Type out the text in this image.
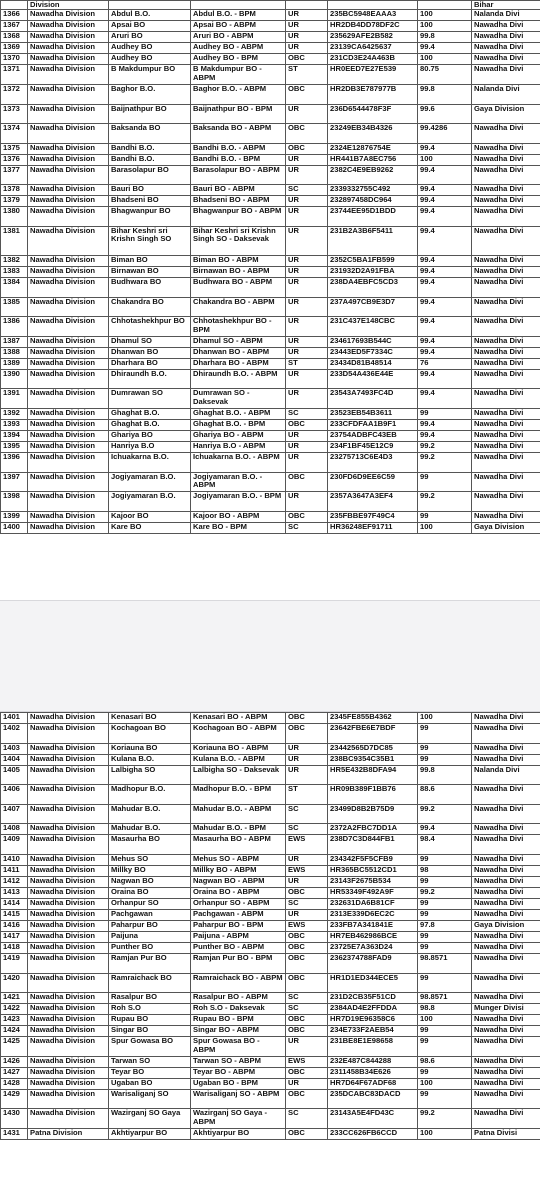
	Division						Bihar
1366	Nawadha Division	Abdul B.O.	Abdul B.O. - BPM	UR	235BC5948EAAA3	100	Nalanda Divi
1367	Nawadha Division	Apsai BO	Apsai BO - ABPM	UR	HR2DB4DD78DF2C	100	Nawadha Divi
1368	Nawadha Division	Aruri BO	Aruri BO - ABPM	UR	235629AFE2B582	99.8	Nawadha Divi
1369	Nawadha Division	Audhey BO	Audhey BO - ABPM	UR	23139CA6425637	99.4	Nawadha Divi
1370	Nawadha Division	Audhey BO	Audhey BO - BPM	OBC	231CD3E24A463B	100	Nawadha Divi
1371	Nawadha Division	B Makdumpur BO	B Makdumpur BO - ABPM	ST	HR0EED7E27E539	80.75	Nawadha Divi
1372	Nawadha Division	Baghor B.O.	Baghor B.O. - ABPM	OBC	HR2DB3E787977B	99.8	Nalanda Divi
1373	Nawadha Division	Baijnathpur BO	Baijnathpur BO - BPM	UR	236D6544478F3F	99.6	Gaya Division
1374	Nawadha Division	Baksanda BO	Baksanda BO - ABPM	OBC	23249EB34B4326	99.4286	Nawadha Divi
1375	Nawadha Division	Bandhi B.O.	Bandhi B.O. - ABPM	OBC	2324E12876754E	99.4	Nawadha Divi
1376	Nawadha Division	Bandhi B.O.	Bandhi B.O. - BPM	UR	HR441B7A8EC756	100	Nawadha Divi
1377	Nawadha Division	Barasolapur BO	Barasolapur BO - ABPM	UR	2382C4E9EB9262	99.4	Nawadha Divi
1378	Nawadha Division	Bauri BO	Bauri BO - ABPM	SC	2339332755C492	99.4	Nawadha Divi
1379	Nawadha Division	Bhadseni BO	Bhadseni BO - ABPM	UR	232897458DC964	99.4	Nawadha Divi
1380	Nawadha Division	Bhagwanpur BO	Bhagwanpur BO - ABPM	UR	23744EE95D1BDD	99.4	Nawadha Divi
1381	Nawadha Division	Bihar Keshri sri Krishn Singh SO	Bihar Keshri sri Krishn Singh SO - Daksevak	UR	231B2A3B6F5411	99.4	Nawadha Divi
1382	Nawadha Division	Biman BO	Biman BO - ABPM	UR	2352C5BA1FB599	99.4	Nawadha Divi
1383	Nawadha Division	Birnawan BO	Birnawan BO - ABPM	UR	231932D2A91FBA	99.4	Nawadha Divi
1384	Nawadha Division	Budhwara BO	Budhwara BO - ABPM	UR	238DA4EBFC5CD3	99.4	Nawadha Divi
1385	Nawadha Division	Chakandra BO	Chakandra BO - ABPM	UR	237A497CB9E3D7	99.4	Nawadha Divi
1386	Nawadha Division	Chhotashekhpur BO	Chhotashekhpur BO - BPM	UR	231C437E148CBC	99.4	Nawadha Divi
1387	Nawadha Division	Dhamul SO	Dhamul SO - ABPM	UR	234617693B544C	99.4	Nawadha Divi
1388	Nawadha Division	Dhanwan BO	Dhanwan BO - ABPM	UR	23443ED5F7334C	99.4	Nawadha Divi
1389	Nawadha Division	Dharhara BO	Dharhara BO - ABPM	ST	23434D81B48514	76	Nawadha Divi
1390	Nawadha Division	Dhiraundh B.O.	Dhiraundh B.O. - ABPM	UR	233D54A436E44E	99.4	Nawadha Divi
1391	Nawadha Division	Dumrawan SO	Dumrawan SO - Daksevak	UR	23543A7493FC4D	99.4	Nawadha Divi
1392	Nawadha Division	Ghaghat B.O.	Ghaghat B.O. - ABPM	SC	23523EB54B3611	99	Nawadha Divi
1393	Nawadha Division	Ghaghat B.O.	Ghaghat B.O. - BPM	OBC	233CFDFAA1B9F1	99.4	Nawadha Divi
1394	Nawadha Division	Ghariya BO	Ghariya BO - ABPM	UR	23754ADBFC43EB	99.4	Nawadha Divi
1395	Nawadha Division	Hanriya B.O	Hanriya B.O - ABPM	UR	234F1BF45E12C9	99.2	Nawadha Divi
1396	Nawadha Division	Ichuakarna B.O.	Ichuakarna B.O. - ABPM	UR	23275713C6E4D3	99.2	Nawadha Divi
1397	Nawadha Division	Jogiyamaran B.O.	Jogiyamaran B.O. - ABPM	OBC	230FD6D9EE6C59	99	Nawadha Divi
1398	Nawadha Division	Jogiyamaran B.O.	Jogiyamaran B.O. - BPM	UR	2357A3647A3EF4	99.2	Nawadha Divi
1399	Nawadha Division	Kajoor BO	Kajoor BO - ABPM	OBC	235FBBE97F49C4	99	Nawadha Divi
1400	Nawadha Division	Kare BO	Kare BO - BPM	SC	HR36248EF91711	100	Gaya Division
1401	Nawadha Division	Kenasari BO	Kenasari BO - ABPM	OBC	2345FE855B4362	100	Nawadha Divi
1402	Nawadha Division	Kochagoan BO	Kochagoan BO - ABPM	OBC	23642FBE6E7BDF	99	Nawadha Divi
1403	Nawadha Division	Koriauna BO	Koriauna BO - ABPM	UR	23442565D7DC85	99	Nawadha Divi
1404	Nawadha Division	Kulana B.O.	Kulana B.O. - ABPM	UR	238BC9354C35B1	99	Nawadha Divi
1405	Nawadha Division	Lalbigha SO	Lalbigha SO - Daksevak	UR	HR5E432B8DFA94	99.8	Nalanda Divi
1406	Nawadha Division	Madhopur B.O.	Madhopur B.O. - BPM	ST	HR09B389F1BB76	88.6	Nawadha Divi
1407	Nawadha Division	Mahudar B.O.	Mahudar B.O. - ABPM	SC	23499D8B2B75D9	99.2	Nawadha Divi
1408	Nawadha Division	Mahudar B.O.	Mahudar B.O. - BPM	SC	2372A2FBC7DD1A	99.4	Nawadha Divi
1409	Nawadha Division	Masaurha BO	Masaurha BO - ABPM	EWS	238D7C3D844FB1	98.4	Nawadha Divi
1410	Nawadha Division	Mehus SO	Mehus SO - ABPM	UR	234342F5F5CFB9	99	Nawadha Divi
1411	Nawadha Division	Millky BO	Millky BO - ABPM	EWS	HR365BC5512CD1	98	Nawadha Divi
1412	Nawadha Division	Nagwan BO	Nagwan BO - ABPM	UR	23143F2675B534	99	Nawadha Divi
1413	Nawadha Division	Oraina BO	Oraina BO - ABPM	OBC	HR53349F492A9F	99.2	Nawadha Divi
1414	Nawadha Division	Orhanpur SO	Orhanpur SO - ABPM	SC	232631DA6B81CF	99	Nawadha Divi
1415	Nawadha Division	Pachgawan	Pachgawan - ABPM	UR	2313E339D6EC2C	99	Nawadha Divi
1416	Nawadha Division	Paharpur BO	Paharpur BO - BPM	EWS	233FB7A341841E	97.8	Gaya Division
1417	Nawadha Division	Paijuna	Paijuna - ABPM	OBC	HR7EB462986BCE	99	Nawadha Divi
1418	Nawadha Division	Punther BO	Punther BO - ABPM	OBC	23725E7A363D24	99	Nawadha Divi
1419	Nawadha Division	Ramjan Pur BO	Ramjan Pur BO - BPM	OBC	2362374788FAD9	98.8571	Nawadha Divi
1420	Nawadha Division	Ramraichack BO	Ramraichack BO - ABPM	OBC	HR1D1ED344ECE5	99	Nawadha Divi
1421	Nawadha Division	Rasalpur BO	Rasalpur BO - ABPM	SC	231D2CB35F51CD	98.8571	Nawadha Divi
1422	Nawadha Division	Roh S.O	Roh S.O - Daksevak	SC	2384AD4E2FFDDA	98.8	Munger Divisi
1423	Nawadha Division	Rupau BO	Rupau BO - BPM	OBC	HR7D19E96358C6	100	Nawadha Divi
1424	Nawadha Division	Singar BO	Singar BO - ABPM	OBC	234E733F2AEB54	99	Nawadha Divi
1425	Nawadha Division	Spur Gowasa BO	Spur Gowasa BO - ABPM	UR	231BE8E1E98658	99	Nawadha Divi
1426	Nawadha Division	Tarwan SO	Tarwan SO - ABPM	EWS	232E487C844288	98.6	Nawadha Divi
1427	Nawadha Division	Teyar BO	Teyar BO - ABPM	OBC	2311458B34E626	99	Nawadha Divi
1428	Nawadha Division	Ugaban BO	Ugaban BO - BPM	UR	HR7D64F67ADF68	100	Nawadha Divi
1429	Nawadha Division	Warisaliganj SO	Warisaliganj SO - ABPM	OBC	235DCABC83DACD	99	Nawadha Divi
1430	Nawadha Division	Wazirganj SO Gaya	Wazirganj SO Gaya - ABPM	SC	23143A5E4FD43C	99.2	Nawadha Divi
1431	Patna Division	Akhtiyarpur BO	Akhtiyarpur BO	OBC	233CC626FB6CCD	100	Patna Divisi
